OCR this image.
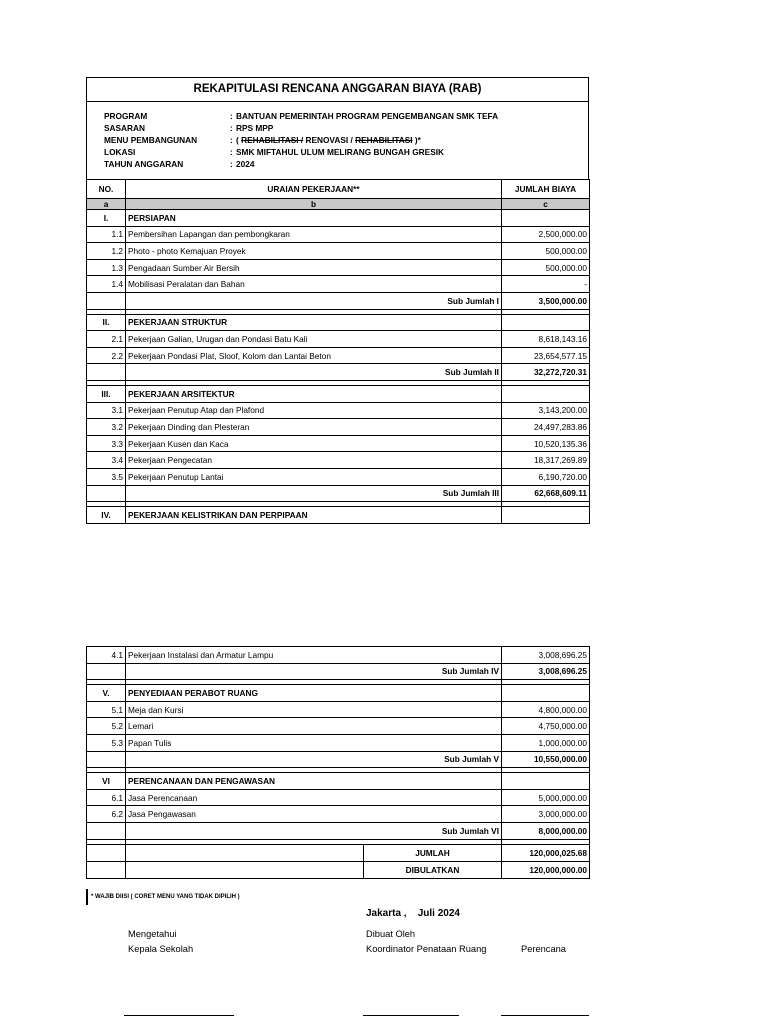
REKAPITULASI RENCANA ANGGARAN BIAYA (RAB)
PROGRAM	: BANTUAN PEMERINTAH PROGRAM PENGEMBANGAN SMK TEFA
SASARAN	: RPS MPP
MENU PEMBANGUNAN	: ( REHABILITASI / RENOVASI / REHABILITASI )*
LOKASI	: SMK MIFTAHUL ULUM MELIRANG BUNGAH GRESIK
TAHUN ANGGARAN	: 2024
NO.	URAIAN PEKERJAAN**	JUMLAH BIAYA
a	b	c
I.	PERSIAPAN	
1.1	Pembersihan Lapangan dan pembongkaran	2,500,000.00
1.2	Photo - photo Kemajuan Proyek	500,000.00
1.3	Pengadaan Sumber Air Bersih	500,000.00
1.4	Mobilisasi Peralatan dan Bahan	-
	Sub Jumlah I	3,500,000.00

II.	PEKERJAAN STRUKTUR	
2.1	Pekerjaan Galian, Urugan dan Pondasi Batu Kali	8,618,143.16
2.2	Pekerjaan Pondasi Plat, Sloof, Kolom dan Lantai Beton	23,654,577.15
	Sub Jumlah II	32,272,720.31

III.	PEKERJAAN ARSITEKTUR	
3.1	Pekerjaan Penutup Atap dan Plafond	3,143,200.00
3.2	Pekerjaan Dinding dan Plesteran	24,497,283.86
3.3	Pekerjaan Kusen dan Kaca	10,520,135.36
3.4	Pekerjaan Pengecatan	18,317,269.89
3.5	Pekerjaan Penutup Lantai	6,190,720.00
	Sub Jumlah III	62,668,609.11

IV.	PEKERJAAN KELISTRIKAN DAN PERPIPAAN	
4.1	Pekerjaan Instalasi dan Armatur Lampu		3,008,696.25
	Sub Jumlah IV		3,008,696.25

V.	PENYEDIAAN PERABOT RUANG		
5.1	Meja dan Kursi		4,800,000.00
5.2	Lemari		4,750,000.00
5.3	Papan Tulis		1,000,000.00
	Sub Jumlah V		10,550,000.00

VI	PERENCANAAN DAN PENGAWASAN		
6.1	Jasa Perencanaan		5,000,000.00
6.2	Jasa Pengawasan		3,000,000.00
	Sub Jumlah VI		8,000,000.00

		JUMLAH	120,000,025.68
		DIBULATKAN	120,000,000.00
* WAJIB DIISI ( CORET MENU YANG TIDAK DIPILIH )
Jakarta ,    Juli 2024
Mengetahui
Kepala Sekolah
Dibuat Oleh
Koordinator Penataan Ruang	Perencana
